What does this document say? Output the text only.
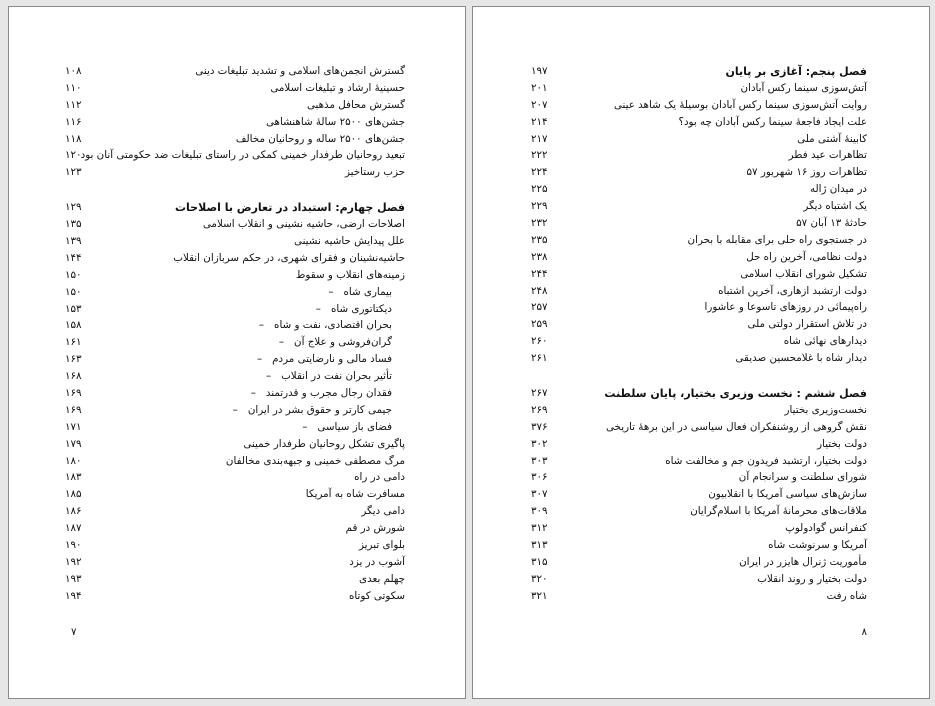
گسترش انجمن‌های اسلامی و تشدید تبلیغات دینی
۱۰۸
حسینیهٔ ارشاد و تبلیغات اسلامی
۱۱۰
گسترش محافل مذهبی
۱۱۲
جشن‌های ۲۵۰۰ سالهٔ شاهنشاهی
۱۱۶
جشن‌های ۲۵۰۰ ساله و روحانیان مخالف
۱۱۸
تبعید روحانیان طرفدار خمینی کمکی در راستای تبلیغات ضد حکومتی آنان بود
۱۲۰
حزب رستاخیز
۱۲۳
فصل چهارم: استبداد در تعارض با اصلاحات
۱۲۹
اصلاحات ارضی، حاشیه نشینی و انقلاب اسلامی
۱۳۵
علل پیدایش حاشیه نشینی
۱۳۹
حاشیه‌نشینان و فقرای شهری، در حکم سربازان انقلاب
۱۴۴
زمینه‌های انقلاب و سقوط
۱۵۰
بیماری شاه –
۱۵۰
دیکتاتوری شاه –
۱۵۳
بحران اقتصادی، نفت و شاه –
۱۵۸
گران‌فروشی و علاج آن –
۱۶۱
فساد مالی و نارضایتی مردم –
۱۶۳
تأثیر بحران نفت در انقلاب –
۱۶۸
فقدان رجال مجرب و قدرتمند –
۱۶۹
جیمی کارتر و حقوق بشر در ایران –
۱۶۹
فضای باز سیاسی –
۱۷۱
پاگیری تشکل روحانیان طرفدار خمینی
۱۷۹
مرگ مصطفی خمینی و جبهه‌بندی مخالفان
۱۸۰
دامی در راه
۱۸۳
مسافرت شاه به آمریکا
۱۸۵
دامی دیگر
۱۸۶
شورش در قم
۱۸۷
بلوای تبریز
۱۹۰
آشوب در یزد
۱۹۲
چهلم بعدی
۱۹۳
سکوتی کوتاه
۱۹۴
۷
فصل پنجم: آغازی بر پایان
۱۹۷
آتش‌سوزی سینما رکس آبادان
۲۰۱
روایت آتش‌سوزی سینما رکس آبادان بوسیلهٔ یک شاهد عینی
۲۰۷
علت ایجاد فاجعهٔ سینما رکس آبادان چه بود؟
۲۱۴
کابینهٔ آشتی ملی
۲۱۷
تظاهرات عید فطر
۲۲۲
تظاهرات روز ۱۶ شهریور ۵۷
۲۲۴
در میدان ژاله
۲۲۵
یک اشتباه دیگر
۲۲۹
حادثهٔ ۱۳ آبان ۵۷
۲۳۲
در جستجوی راه حلی برای مقابله با بحران
۲۳۵
دولت نظامی، آخرین راه حل
۲۳۸
تشکیل شورای انقلاب اسلامی
۲۴۴
دولت ارتشبد ازهاری، آخرین اشتباه
۲۴۸
راه‌پیمائی در روزهای تاسوعا و عاشورا
۲۵۷
در تلاش استقرار دولتی ملی
۲۵۹
دیدارهای نهائی شاه
۲۶۰
دیدار شاه با غلامحسین صدیقی
۲۶۱
فصل ششم : نخست وزیری بختیار، پایان سلطنت
۲۶۷
نخست‌وزیری بختیار
۲۶۹
نقش گروهی از روشنفکران فعال سیاسی در این برههٔ تاریخی
۳۷۶
دولت بختیار
۳۰۲
دولت بختیار، ارتشبد فریدون جم و مخالفت شاه
۳۰۳
شورای سلطنت و سرانجام آن
۳۰۶
سازش‌های سیاسی آمریکا با انقلابیون
۳۰۷
ملاقات‌های محرمانهٔ آمریکا با اسلام‌گرایان
۳۰۹
کنفرانس گوادولوپ
۳۱۲
آمریکا و سرنوشت شاه
۳۱۳
مأموریت ژنرال هایزر در ایران
۳۱۵
دولت بختیار و روند انقلاب
۳۲۰
شاه رفت
۳۲۱
۸
